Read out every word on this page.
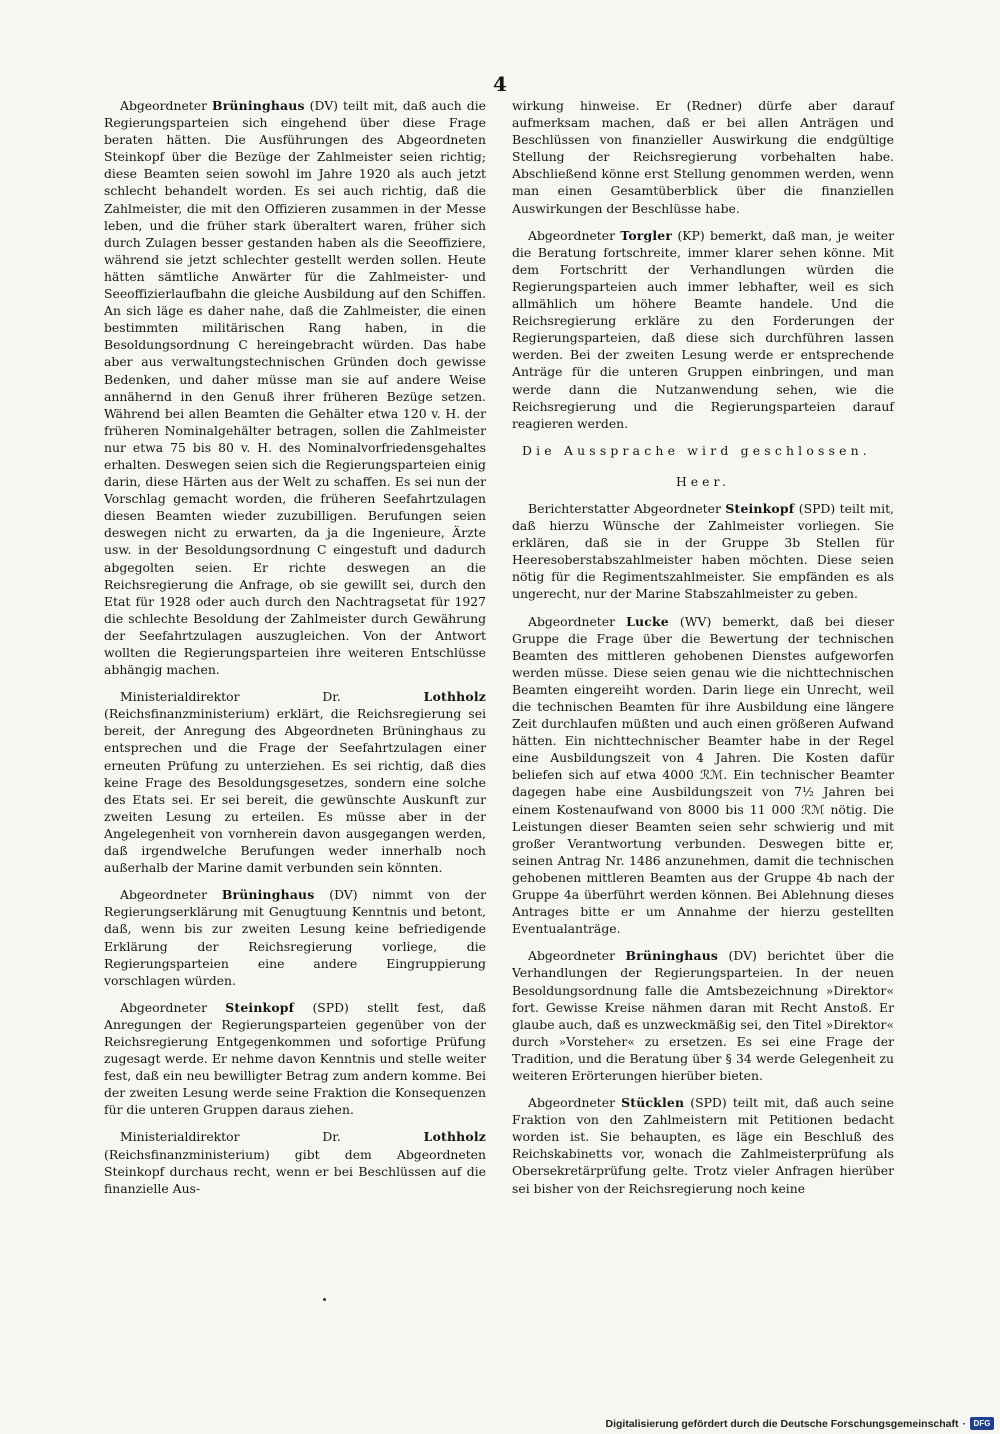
4

Abgeordneter Brüninghaus (DV) teilt mit, daß auch die Regierungsparteien sich eingehend über diese Frage beraten hätten. Die Ausführungen des Abgeordneten Steinkopf über die Bezüge der Zahlmeister seien richtig; diese Beamten seien sowohl im Jahre 1920 als auch jetzt schlecht behandelt worden. Es sei auch richtig, daß die Zahlmeister, die mit den Offizieren zusammen in der Messe leben, und die früher stark überaltert waren, früher sich durch Zulagen besser gestanden haben als die Seeoffiziere, während sie jetzt schlechter gestellt werden sollen. Heute hätten sämtliche Anwärter für die Zahlmeister- und Seeoffizierlaufbahn die gleiche Ausbildung auf den Schiffen. An sich läge es daher nahe, daß die Zahlmeister, die einen bestimmten militärischen Rang haben, in die Besoldungsordnung C hereingebracht würden. Das habe aber aus verwaltungstechnischen Gründen doch gewisse Bedenken, und daher müsse man sie auf andere Weise annähernd in den Genuß ihrer früheren Bezüge setzen. Während bei allen Beamten die Gehälter etwa 120 v. H. der früheren Nominalgehälter betragen, sollen die Zahlmeister nur etwa 75 bis 80 v. H. des Nominalvorfriedensgehaltes erhalten. Deswegen seien sich die Regierungsparteien einig darin, diese Härten aus der Welt zu schaffen. Es sei nun der Vorschlag gemacht worden, die früheren Seefahrtzulagen diesen Beamten wieder zuzubilligen. Berufungen seien deswegen nicht zu erwarten, da ja die Ingenieure, Ärzte usw. in der Besoldungsordnung C eingestuft und dadurch abgegolten seien. Er richte deswegen an die Reichsregierung die Anfrage, ob sie gewillt sei, durch den Etat für 1928 oder auch durch den Nachtragsetat für 1927 die schlechte Besoldung der Zahlmeister durch Gewährung der Seefahrtzulagen auszugleichen. Von der Antwort wollten die Regierungsparteien ihre weiteren Entschlüsse abhängig machen.

Ministerialdirektor Dr. Lothholz (Reichsfinanzministerium) erklärt, die Reichsregierung sei bereit, der Anregung des Abgeordneten Brüninghaus zu entsprechen und die Frage der Seefahrtzulagen einer erneuten Prüfung zu unterziehen. Es sei richtig, daß dies keine Frage des Besoldungsgesetzes, sondern eine solche des Etats sei. Er sei bereit, die gewünschte Auskunft zur zweiten Lesung zu erteilen. Es müsse aber in der Angelegenheit von vornherein davon ausgegangen werden, daß irgendwelche Berufungen weder innerhalb noch außerhalb der Marine damit verbunden sein könnten.

Abgeordneter Brüninghaus (DV) nimmt von der Regierungserklärung mit Genugtuung Kenntnis und betont, daß, wenn bis zur zweiten Lesung keine befriedigende Erklärung der Reichsregierung vorliege, die Regierungsparteien eine andere Eingruppierung vorschlagen würden.

Abgeordneter Steinkopf (SPD) stellt fest, daß Anregungen der Regierungsparteien gegenüber von der Reichsregierung Entgegenkommen und sofortige Prüfung zugesagt werde. Er nehme davon Kenntnis und stelle weiter fest, daß ein neu bewilligter Betrag zum andern komme. Bei der zweiten Lesung werde seine Fraktion die Konsequenzen für die unteren Gruppen daraus ziehen.

Ministerialdirektor Dr. Lothholz (Reichsfinanzministerium) gibt dem Abgeordneten Steinkopf durchaus recht, wenn er bei Beschlüssen auf die finanzielle Aus-

wirkung hinweise. Er (Redner) dürfe aber darauf aufmerksam machen, daß er bei allen Anträgen und Beschlüssen von finanzieller Auswirkung die endgültige Stellung der Reichsregierung vorbehalten habe. Abschließend könne erst Stellung genommen werden, wenn man einen Gesamtüberblick über die finanziellen Auswirkungen der Beschlüsse habe.

Abgeordneter Torgler (KP) bemerkt, daß man, je weiter die Beratung fortschreite, immer klarer sehen könne. Mit dem Fortschritt der Verhandlungen würden die Regierungsparteien auch immer lebhafter, weil es sich allmählich um höhere Beamte handele. Und die Reichsregierung erkläre zu den Forderungen der Regierungsparteien, daß diese sich durchführen lassen werden. Bei der zweiten Lesung werde er entsprechende Anträge für die unteren Gruppen einbringen, und man werde dann die Nutzanwendung sehen, wie die Reichsregierung und die Regierungsparteien darauf reagieren werden.

Die Aussprache wird geschlossen.

Heer.

Berichterstatter Abgeordneter Steinkopf (SPD) teilt mit, daß hierzu Wünsche der Zahlmeister vorliegen. Sie erklären, daß sie in der Gruppe 3b Stellen für Heeresoberstabszahlmeister haben möchten. Diese seien nötig für die Regimentszahlmeister. Sie empfänden es als ungerecht, nur der Marine Stabszahlmeister zu geben.

Abgeordneter Lucke (WV) bemerkt, daß bei dieser Gruppe die Frage über die Bewertung der technischen Beamten des mittleren gehobenen Dienstes aufgeworfen werden müsse. Diese seien genau wie die nichttechnischen Beamten eingereiht worden. Darin liege ein Unrecht, weil die technischen Beamten für ihre Ausbildung eine längere Zeit durchlaufen müßten und auch einen größeren Aufwand hätten. Ein nichttechnischer Beamter habe in der Regel eine Ausbildungszeit von 4 Jahren. Die Kosten dafür beliefen sich auf etwa 4000 ℛℳ. Ein technischer Beamter dagegen habe eine Ausbildungszeit von 7½ Jahren bei einem Kostenaufwand von 8000 bis 11 000 ℛℳ nötig. Die Leistungen dieser Beamten seien sehr schwierig und mit großer Verantwortung verbunden. Deswegen bitte er, seinen Antrag Nr. 1486 anzunehmen, damit die technischen gehobenen mittleren Beamten aus der Gruppe 4b nach der Gruppe 4a überführt werden können. Bei Ablehnung dieses Antrages bitte er um Annahme der hierzu gestellten Eventualanträge.

Abgeordneter Brüninghaus (DV) berichtet über die Verhandlungen der Regierungsparteien. In der neuen Besoldungsordnung falle die Amtsbezeichnung »Direktor« fort. Gewisse Kreise nähmen daran mit Recht Anstoß. Er glaube auch, daß es unzweckmäßig sei, den Titel »Direktor« durch »Vorsteher« zu ersetzen. Es sei eine Frage der Tradition, und die Beratung über § 34 werde Gelegenheit zu weiteren Erörterungen hierüber bieten.

Abgeordneter Stücklen (SPD) teilt mit, daß auch seine Fraktion von den Zahlmeistern mit Petitionen bedacht worden ist. Sie behaupten, es läge ein Beschluß des Reichskabinetts vor, wonach die Zahlmeisterprüfung als Obersekretärprüfung gelte. Trotz vieler Anfragen hierüber sei bisher von der Reichsregierung noch keine

Digitalisierung gefördert durch die Deutsche Forschungsgemeinschaft · DFG
